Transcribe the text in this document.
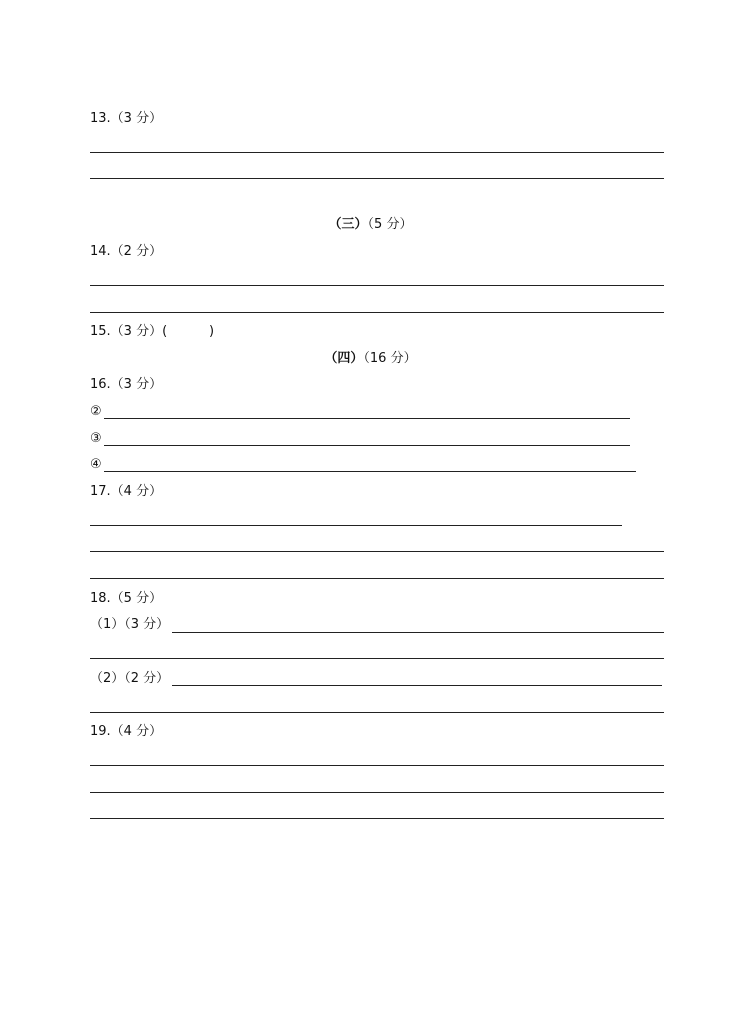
13.（3 分）
（三）（5 分）
14.（2 分）
15.（3 分）(	)
（四）（16 分）
16.（3 分）
②
③
④
17.（4 分）
18.（5 分）
（1）（3 分）
（2）（2 分）
19.（4 分）
